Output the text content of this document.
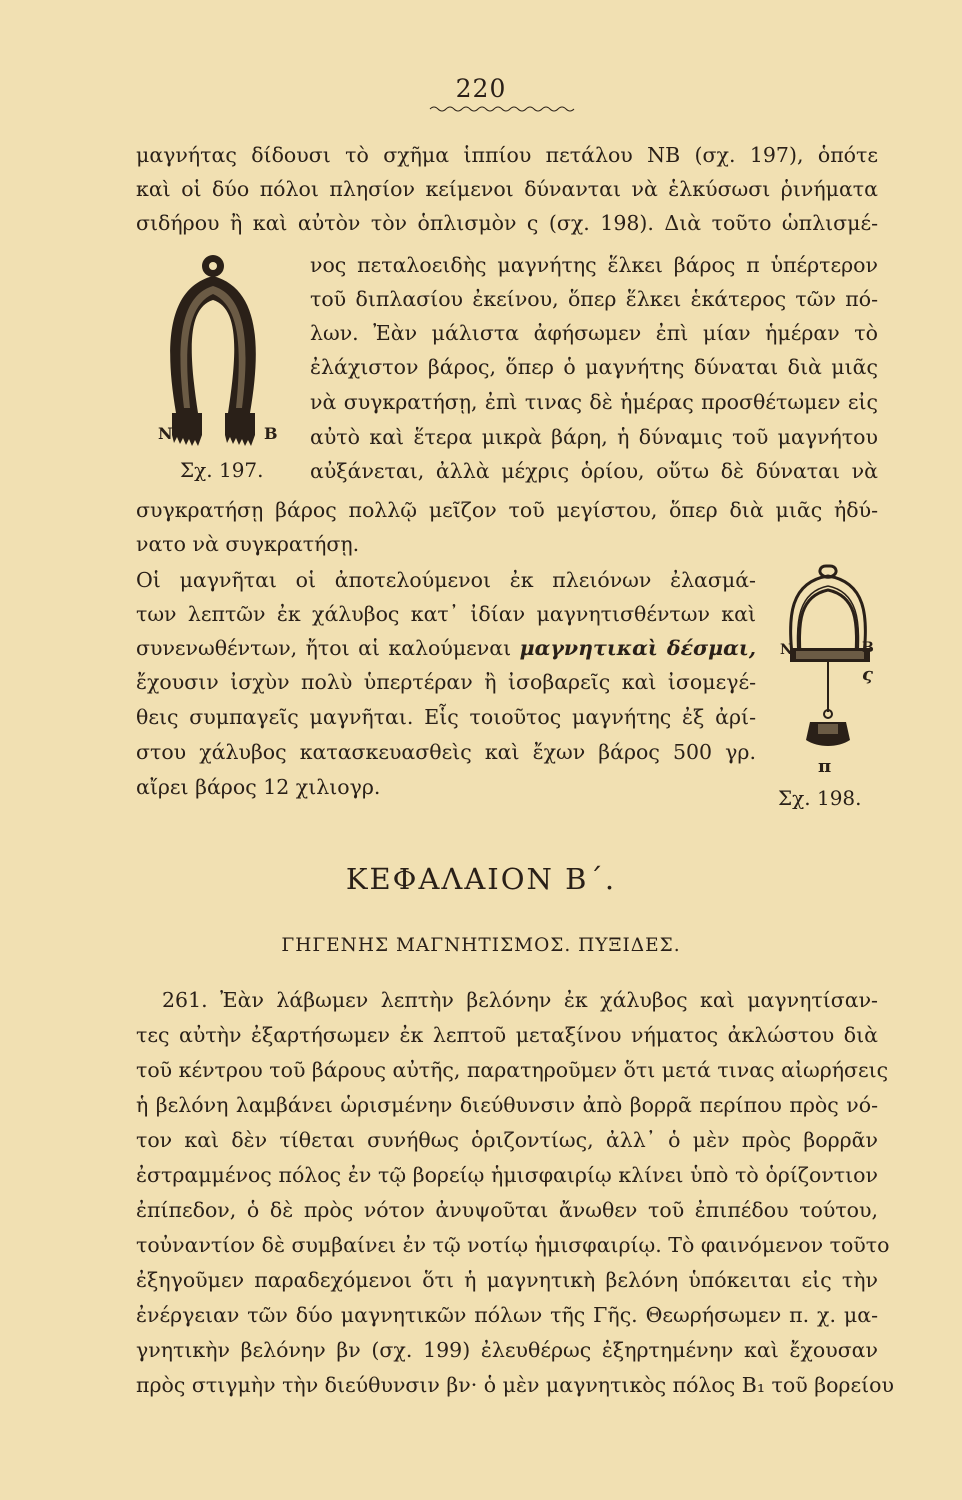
220
μαγνήτας δίδουσι τὸ σχῆμα ἱππίου πετάλου ΝΒ (σχ. 197), ὁπότε
καὶ οἱ δύο πόλοι πλησίον κείμενοι δύνανται νὰ ἑλκύσωσι ῥινήματα
σιδήρου ἢ καὶ αὐτὸν τὸν ὁπλισμὸν ς (σχ. 198). Διὰ τοῦτο ὡπλισμέ-
νος πεταλοειδὴς μαγνήτης ἕλκει βάρος π ὑπέρτερον
τοῦ διπλασίου ἐκείνου, ὅπερ ἕλκει ἑκάτερος τῶν πό-
λων. Ἐὰν μάλιστα ἀφήσωμεν ἐπὶ μίαν ἡμέραν τὸ
ἐλάχιστον βάρος, ὅπερ ὁ μαγνήτης δύναται διὰ μιᾶς
νὰ συγκρατήσῃ, ἐπὶ τινας δὲ ἡμέρας προσθέτωμεν εἰς
αὐτὸ καὶ ἕτερα μικρὰ βάρη, ἡ δύναμις τοῦ μαγνήτου
αὐξάνεται, ἀλλὰ μέχρις ὁρίου, οὕτω δὲ δύναται νὰ
συγκρατήσῃ βάρος πολλῷ μεῖζον τοῦ μεγίστου, ὅπερ διὰ μιᾶς ἠδύ-
νατο νὰ συγκρατήσῃ.
Ν	Β
Σχ. 197.
Οἱ μαγνῆται οἱ ἀποτελούμενοι ἐκ πλειόνων ἐλασμά-
των λεπτῶν ἐκ χάλυβος κατ᾽ ἰδίαν μαγνητισθέντων καὶ
συνενωθέντων, ἤτοι αἱ καλούμεναι μαγνητικαὶ δέσμαι,
ἔχουσιν ἰσχὺν πολὺ ὑπερτέραν ἢ ἰσοβαρεῖς καὶ ἰσομεγέ-
θεις συμπαγεῖς μαγνῆται. Εἷς τοιοῦτος μαγνήτης ἐξ ἀρί-
στου χάλυβος κατασκευασθεὶς καὶ ἔχων βάρος 500 γρ.
αἴρει βάρος 12 χιλιογρ.
Ν	Β
ς
π
Σχ. 198.
ΚΕΦΑΛΑΙΟΝ Β΄.
ΓΗΓΕΝΗΣ ΜΑΓΝΗΤΙΣΜΟΣ. ΠΥΞΙΔΕΣ.
261. Ἐὰν λάβωμεν λεπτὴν βελόνην ἐκ χάλυβος καὶ μαγνητίσαν-
τες αὐτὴν ἐξαρτήσωμεν ἐκ λεπτοῦ μεταξίνου νήματος ἀκλώστου διὰ
τοῦ κέντρου τοῦ βάρους αὐτῆς, παρατηροῦμεν ὅτι μετά τινας αἰωρήσεις
ἡ βελόνη λαμβάνει ὡρισμένην διεύθυνσιν ἀπὸ βορρᾶ περίπου πρὸς νό-
τον καὶ δὲν τίθεται συνήθως ὁριζοντίως, ἀλλ᾽ ὁ μὲν πρὸς βορρᾶν
ἐστραμμένος πόλος ἐν τῷ βορείῳ ἡμισφαιρίῳ κλίνει ὑπὸ τὸ ὁρίζοντιον
ἐπίπεδον, ὁ δὲ πρὸς νότον ἀνυψοῦται ἄνωθεν τοῦ ἐπιπέδου τούτου,
τοὐναντίον δὲ συμβαίνει ἐν τῷ νοτίῳ ἡμισφαιρίῳ. Τὸ φαινόμενον τοῦτο
ἐξηγοῦμεν παραδεχόμενοι ὅτι ἡ μαγνητικὴ βελόνη ὑπόκειται εἰς τὴν
ἐνέργειαν τῶν δύο μαγνητικῶν πόλων τῆς Γῆς. Θεωρήσωμεν π. χ. μα-
γνητικὴν βελόνην βν (σχ. 199) ἐλευθέρως ἐξηρτημένην καὶ ἔχουσαν
πρὸς στιγμὴν τὴν διεύθυνσιν βν· ὁ μὲν μαγνητικὸς πόλος Β₁ τοῦ βορείου
